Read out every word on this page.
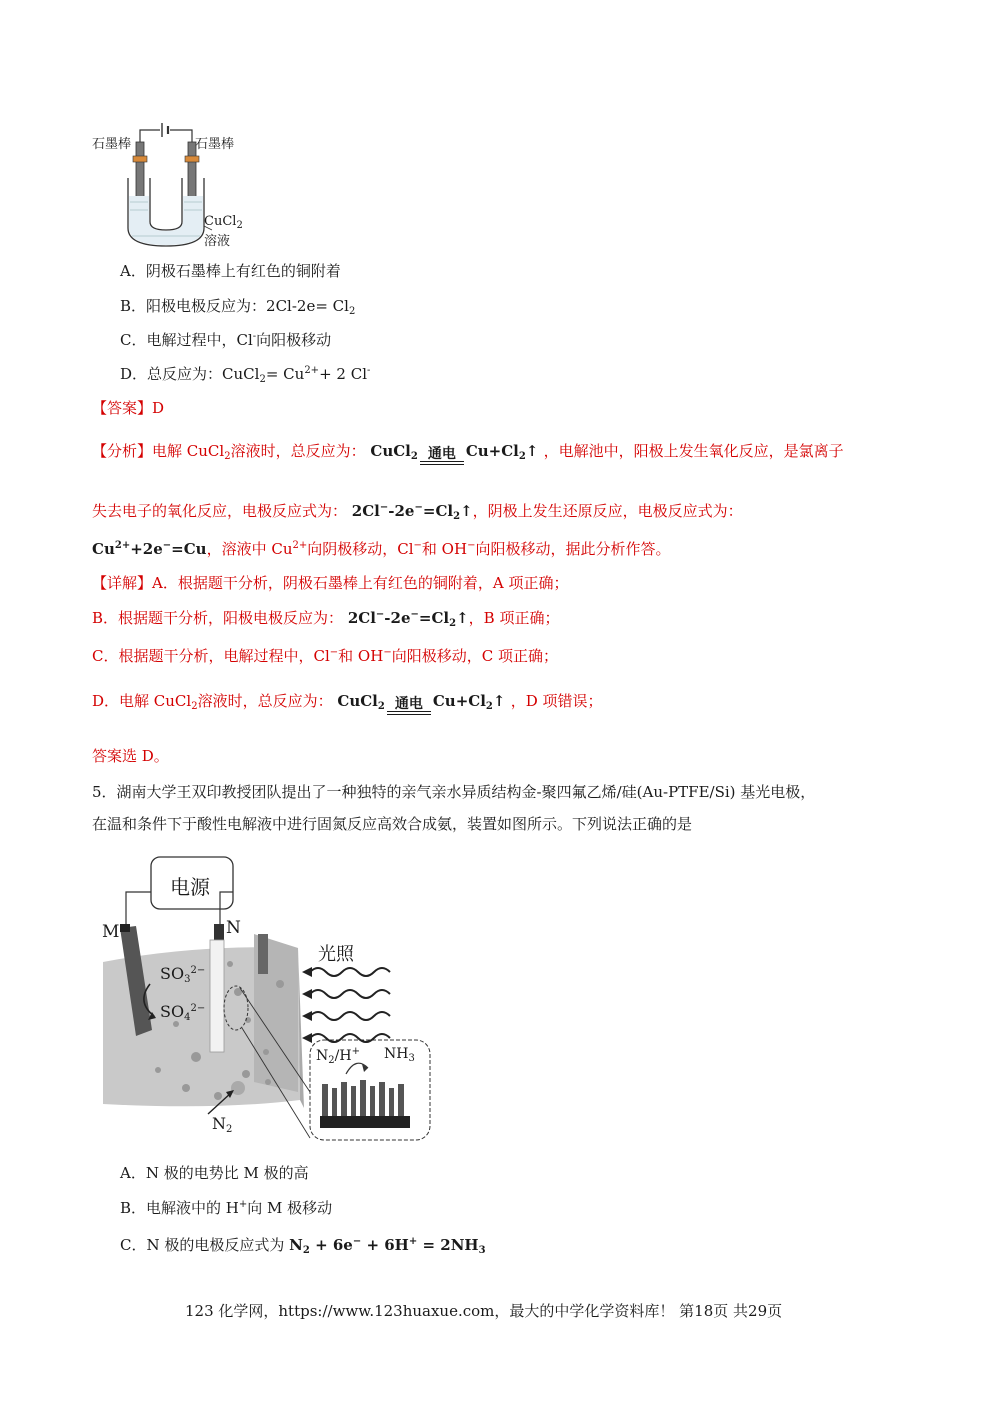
石墨棒	石墨棒
CuCl$_2$
溶液
A．阴极石墨棒上有红色的铜附着
B．阳极电极反应为：$2Cl-2e= Cl_2$
C．电解过程中，Cl-向阳极移动
D．总反应为：CuCl$_2$= $Cu^{2+}+ 2$ Cl-
【答案】D
【分析】电解 CuCl$_2$溶液时，总反应为： CuCl$_2$ 通电 $Cu+Cl_2↑$ ，电解池中，阳极上发生氧化反应，是氯离子
失去电子的氧化反应，电极反应式为： $2Cl^--2e^-=Cl_2↑$，阴极上发生还原反应，电极反应式为：
$Cu^{2+}+2e^-=Cu$，溶液中 $Cu^{2+}$向阴极移动，Cl−和 OH−向阳极移动，据此分析作答。
【详解】A．根据题干分析，阴极石墨棒上有红色的铜附着，A 项正确；
B．根据题干分析，阳极电极反应为： $2Cl^--2e^-=Cl_2↑$，B 项正确；
C．根据题干分析，电解过程中，Cl−和 OH−向阳极移动，C 项正确；
D．电解 CuCl$_2$溶液时，总反应为： CuCl$_2$ 通电 $Cu+Cl_2↑$ ，D 项错误；
答案选 D。
5．湖南大学王双印教授团队提出了一种独特的亲气亲水异质结构金-聚四氟乙烯/硅(Au-PTFE/Si) 基光电极，
在温和条件下于酸性电解液中进行固氮反应高效合成氨，装置如图所示。下列说法正确的是
电源
M	N
光照
$SO_3^{2-}$
$SO_4^{2-}$
$N_2/H^+$ $NH_3$
$N_2$
A．N 极的电势比 M 极的高
B．电解液中的 H+向 M 极移动
C．N 极的电极反应式为 $N_2 + 6e^- + 6H^+ = 2NH_3$
123 化学网，https://www.123huaxue.com，最大的中学化学资料库！ 第18页 共29页
